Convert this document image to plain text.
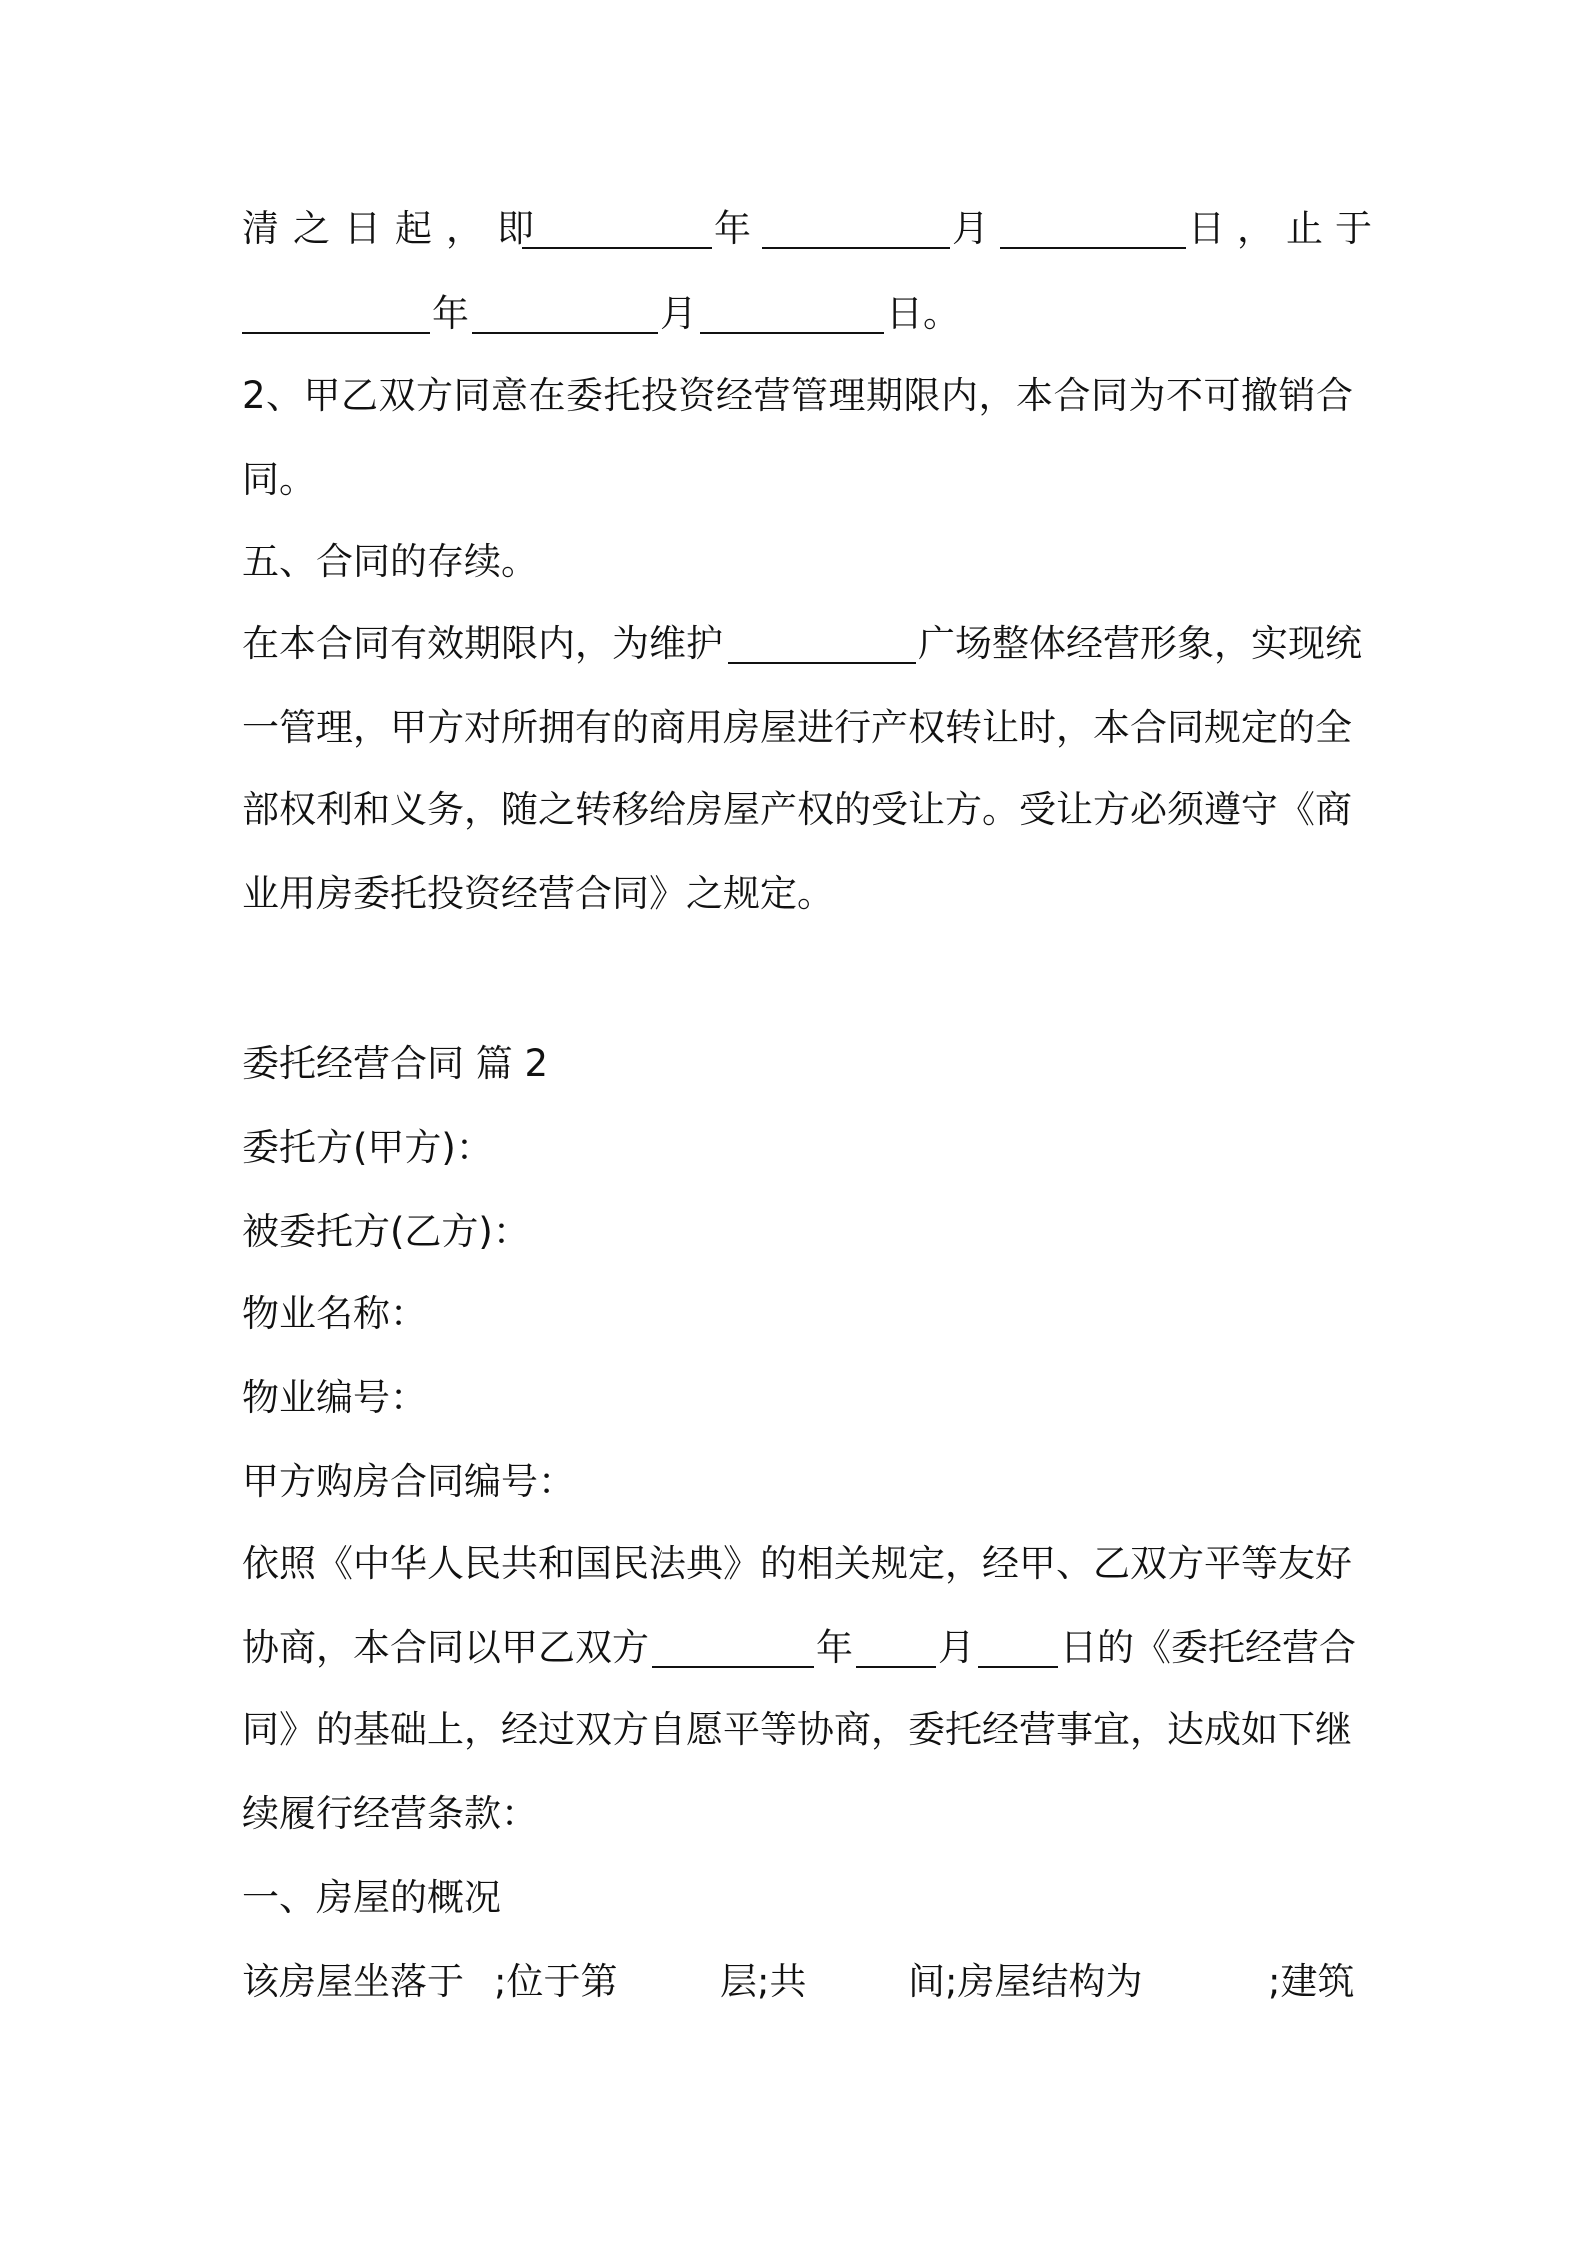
清之日起，即	年	月	日，止于
年	月	日。
2、甲乙双方同意在委托投资经营管理期限内，本合同为不可撤销合
同。
五、合同的存续。
在本合同有效期限内，为维护	广场整体经营形象，实现统
一管理，甲方对所拥有的商用房屋进行产权转让时，本合同规定的全
部权利和义务，随之转移给房屋产权的受让方。受让方必须遵守《商
业用房委托投资经营合同》之规定。
委托经营合同 篇 2
委托方(甲方)：
被委托方(乙方)：
物业名称：
物业编号：
甲方购房合同编号：
依照《中华人民共和国民法典》的相关规定，经甲、乙双方平等友好
协商，本合同以甲乙双方	年 月 日的《委托经营合
同》的基础上，经过双方自愿平等协商，委托经营事宜，达成如下继
续履行经营条款：
一、房屋的概况
该房屋坐落于 ;位于第	层;共	间;房屋结构为	;建筑
